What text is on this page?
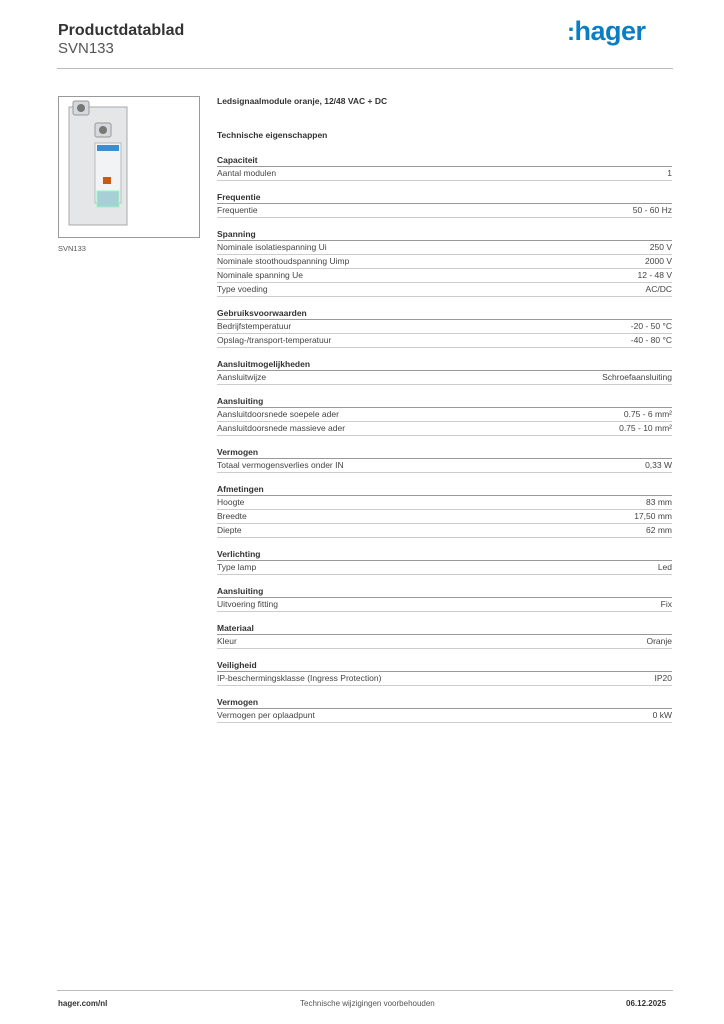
Productdatablad
SVN133
:hager
SVN133
Ledsignaalmodule oranje, 12/48 VAC + DC
Technische eigenschappen
Capaciteit
Aantal modulen	1
Frequentie
Frequentie	50 - 60 Hz
Spanning
Nominale isolatiespanning Ui	250 V
Nominale stoothoudspanning Uimp	2000 V
Nominale spanning Ue	12 - 48 V
Type voeding	AC/DC
Gebruiksvoorwaarden
Bedrijfstemperatuur	-20 - 50 °C
Opslag-/transport-temperatuur	-40 - 80 °C
Aansluitmogelijkheden
Aansluitwijze	Schroefaansluiting
Aansluiting
Aansluitdoorsnede soepele ader	0.75 - 6 mm²
Aansluitdoorsnede massieve ader	0.75 - 10 mm²
Vermogen
Totaal vermogensverlies onder IN	0,33 W
Afmetingen
Hoogte	83 mm
Breedte	17,50 mm
Diepte	62 mm
Verlichting
Type lamp	Led
Aansluiting
Uitvoering fitting	Fix
Materiaal
Kleur	Oranje
Veiligheid
IP-beschermingsklasse (Ingress Protection)	IP20
Vermogen
Vermogen per oplaadpunt	0 kW
hager.com/nl	Technische wijzigingen voorbehouden	06.12.2025
